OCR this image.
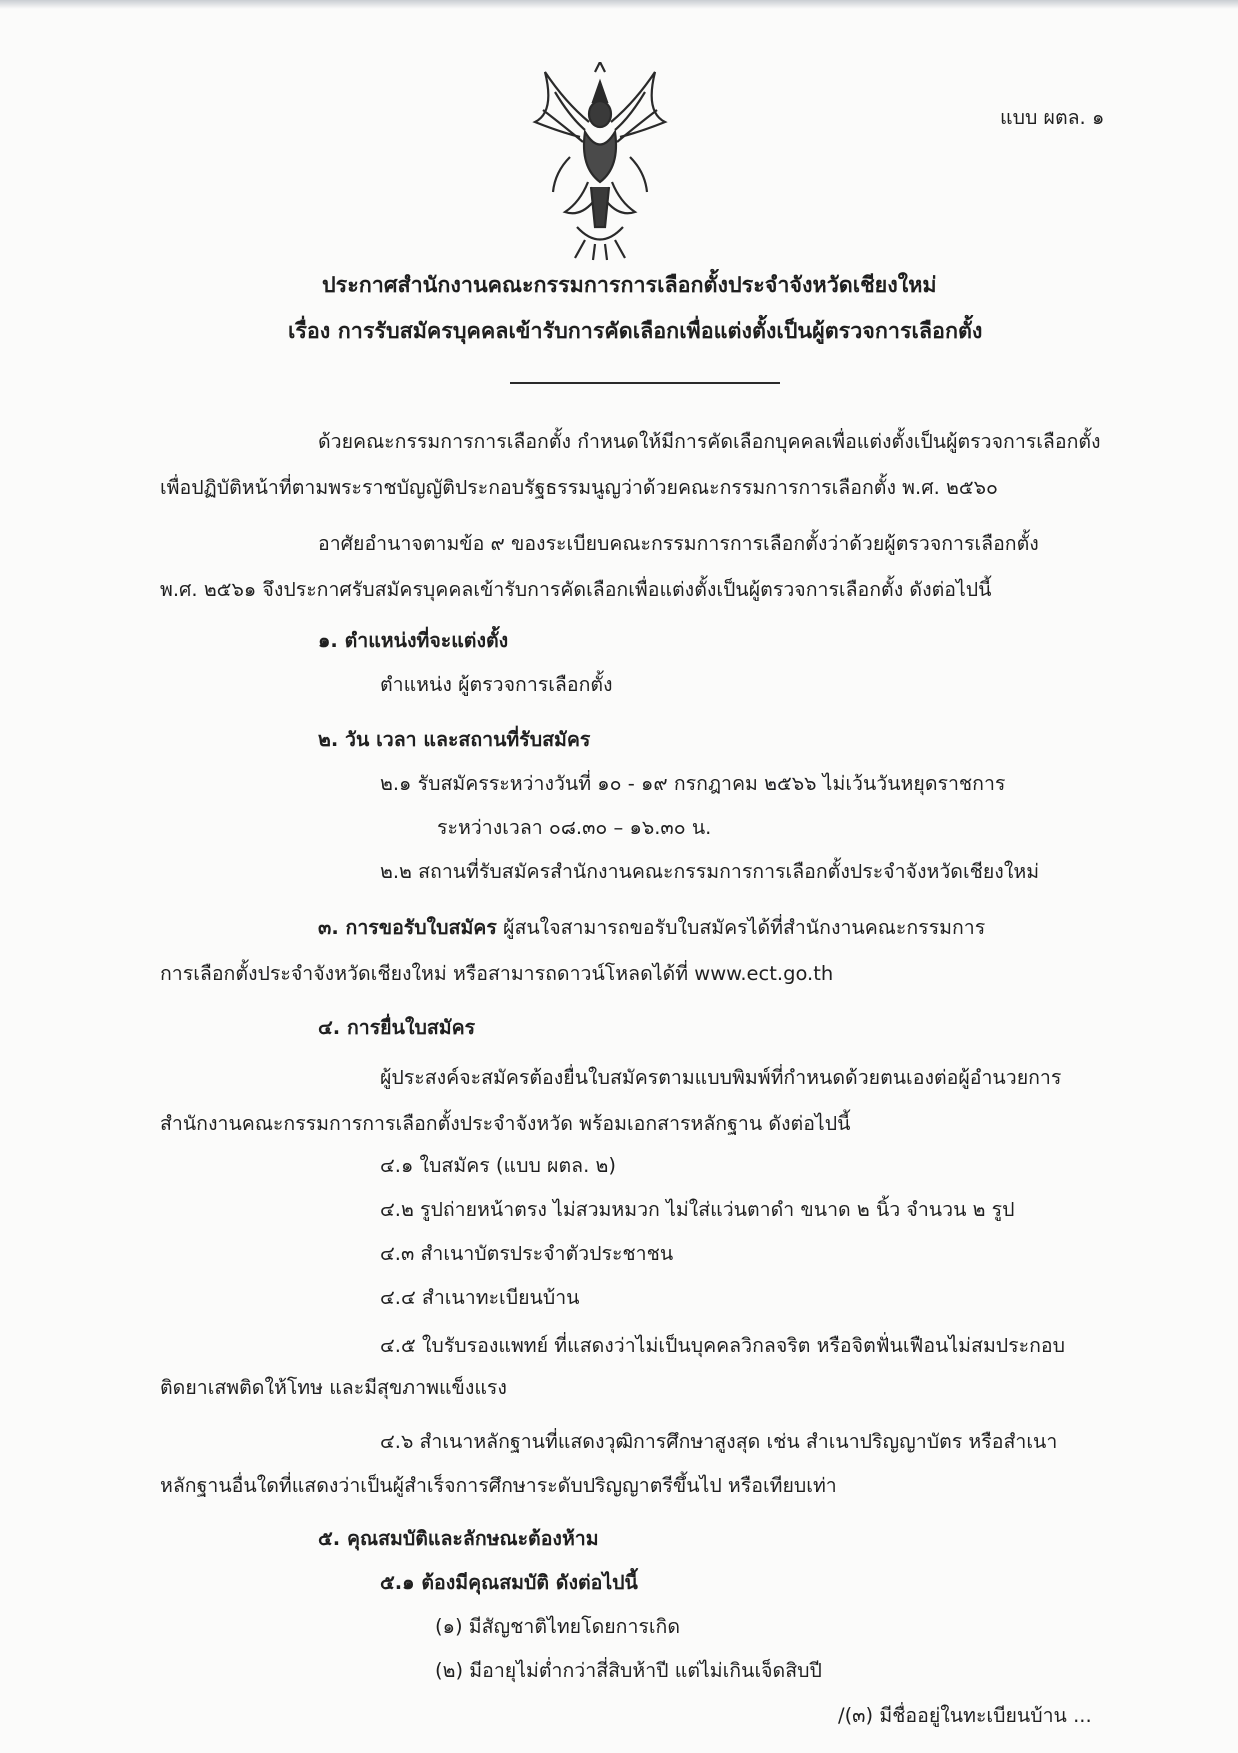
แบบ ผตล. ๑
ประกาศสำนักงานคณะกรรมการการเลือกตั้งประจำจังหวัดเชียงใหม่
เรื่อง การรับสมัครบุคคลเข้ารับการคัดเลือกเพื่อแต่งตั้งเป็นผู้ตรวจการเลือกตั้ง
ด้วยคณะกรรมการการเลือกตั้ง กำหนดให้มีการคัดเลือกบุคคลเพื่อแต่งตั้งเป็นผู้ตรวจการเลือกตั้ง
เพื่อปฏิบัติหน้าที่ตามพระราชบัญญัติประกอบรัฐธรรมนูญว่าด้วยคณะกรรมการการเลือกตั้ง พ.ศ. ๒๕๖๐
อาศัยอำนาจตามข้อ ๙ ของระเบียบคณะกรรมการการเลือกตั้งว่าด้วยผู้ตรวจการเลือกตั้ง
พ.ศ. ๒๕๖๑ จึงประกาศรับสมัครบุคคลเข้ารับการคัดเลือกเพื่อแต่งตั้งเป็นผู้ตรวจการเลือกตั้ง ดังต่อไปนี้
๑. ตำแหน่งที่จะแต่งตั้ง
ตำแหน่ง ผู้ตรวจการเลือกตั้ง
๒. วัน เวลา และสถานที่รับสมัคร
๒.๑ รับสมัครระหว่างวันที่ ๑๐ - ๑๙ กรกฎาคม ๒๕๖๖ ไม่เว้นวันหยุดราชการ
ระหว่างเวลา ๐๘.๓๐ – ๑๖.๓๐ น.
๒.๒ สถานที่รับสมัครสำนักงานคณะกรรมการการเลือกตั้งประจำจังหวัดเชียงใหม่
๓. การขอรับใบสมัคร ผู้สนใจสามารถขอรับใบสมัครได้ที่สำนักงานคณะกรรมการ
การเลือกตั้งประจำจังหวัดเชียงใหม่ หรือสามารถดาวน์โหลดได้ที่ www.ect.go.th
๔. การยื่นใบสมัคร
ผู้ประสงค์จะสมัครต้องยื่นใบสมัครตามแบบพิมพ์ที่กำหนดด้วยตนเองต่อผู้อำนวยการ
สำนักงานคณะกรรมการการเลือกตั้งประจำจังหวัด พร้อมเอกสารหลักฐาน ดังต่อไปนี้
๔.๑ ใบสมัคร (แบบ ผตล. ๒)
๔.๒ รูปถ่ายหน้าตรง ไม่สวมหมวก ไม่ใส่แว่นตาดำ ขนาด ๒ นิ้ว จำนวน ๒ รูป
๔.๓ สำเนาบัตรประจำตัวประชาชน
๔.๔ สำเนาทะเบียนบ้าน
๔.๕ ใบรับรองแพทย์ ที่แสดงว่าไม่เป็นบุคคลวิกลจริต หรือจิตฟั่นเฟือนไม่สมประกอบ
ติดยาเสพติดให้โทษ และมีสุขภาพแข็งแรง
๔.๖ สำเนาหลักฐานที่แสดงวุฒิการศึกษาสูงสุด เช่น สำเนาปริญญาบัตร หรือสำเนา
หลักฐานอื่นใดที่แสดงว่าเป็นผู้สำเร็จการศึกษาระดับปริญญาตรีขึ้นไป หรือเทียบเท่า
๕. คุณสมบัติและลักษณะต้องห้าม
๕.๑ ต้องมีคุณสมบัติ ดังต่อไปนี้
(๑) มีสัญชาติไทยโดยการเกิด
(๒) มีอายุไม่ต่ำกว่าสี่สิบห้าปี แต่ไม่เกินเจ็ดสิบปี
/(๓) มีชื่ออยู่ในทะเบียนบ้าน ...
